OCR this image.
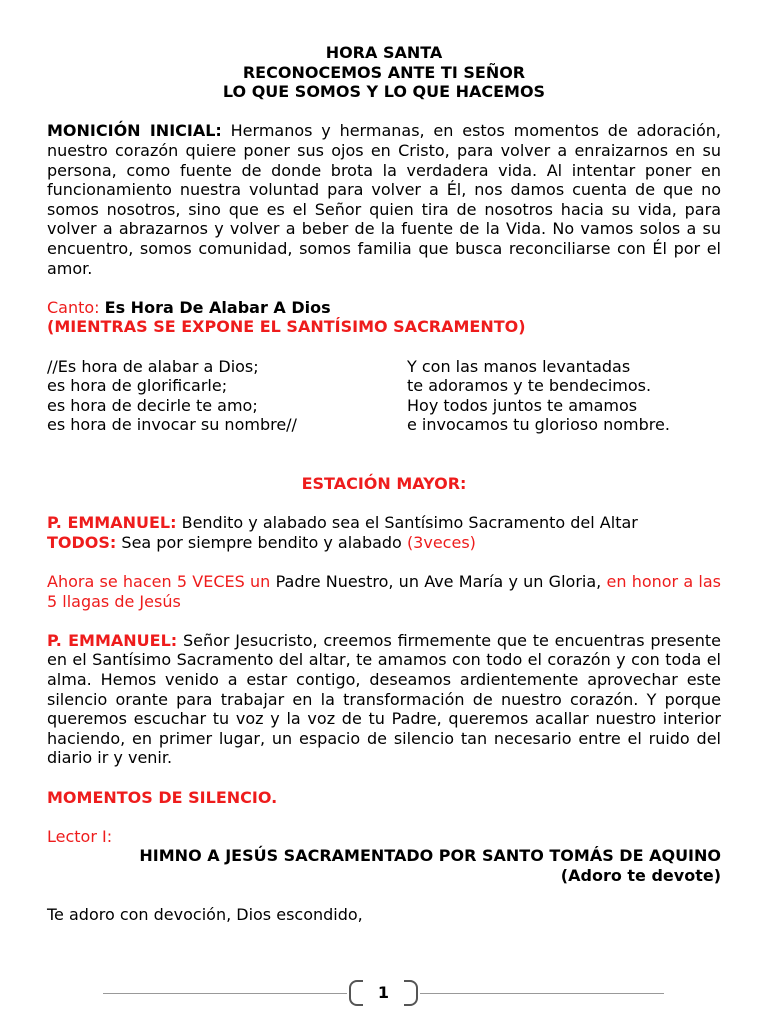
HORA SANTA
RECONOCEMOS ANTE TI SEÑOR
LO QUE SOMOS Y LO QUE HACEMOS
MONICIÓN INICIAL: Hermanos y hermanas, en estos momentos de adoración, nuestro corazón quiere poner sus ojos en Cristo, para volver a enraizarnos en su persona, como fuente de donde brota la verdadera vida. Al intentar poner en funcionamiento nuestra voluntad para volver a Él, nos damos cuenta de que no somos nosotros, sino que es el Señor quien tira de nosotros hacia su vida, para volver a abrazarnos y volver a beber de la fuente de la Vida. No vamos solos a su encuentro, somos comunidad, somos familia que busca reconciliarse con Él por el amor.
Canto: Es Hora De Alabar A Dios
(MIENTRAS SE EXPONE EL SANTÍSIMO SACRAMENTO)
//Es hora de alabar a Dios;
es hora de glorificarle;
es hora de decirle te amo;
es hora de invocar su nombre//
Y con las manos levantadas
te adoramos y te bendecimos.
Hoy todos juntos te amamos
e invocamos tu glorioso nombre.
ESTACIÓN MAYOR:
P. EMMANUEL: Bendito y alabado sea el Santísimo Sacramento del Altar
TODOS: Sea por siempre bendito y alabado (3veces)
Ahora se hacen 5 VECES un Padre Nuestro, un Ave María y un Gloria, en honor a las 5 llagas de Jesús
P. EMMANUEL: Señor Jesucristo, creemos firmemente que te encuentras presente en el Santísimo Sacramento del altar, te amamos con todo el corazón y con toda el alma. Hemos venido a estar contigo, deseamos ardientemente aprovechar este silencio orante para trabajar en la transformación de nuestro corazón. Y porque queremos escuchar tu voz y la voz de tu Padre, queremos acallar nuestro interior haciendo, en primer lugar, un espacio de silencio tan necesario entre el ruido del diario ir y venir.
MOMENTOS DE SILENCIO.
Lector I:
HIMNO A JESÚS SACRAMENTADO POR SANTO TOMÁS DE AQUINO
(Adoro te devote)
Te adoro con devoción, Dios escondido,
1
